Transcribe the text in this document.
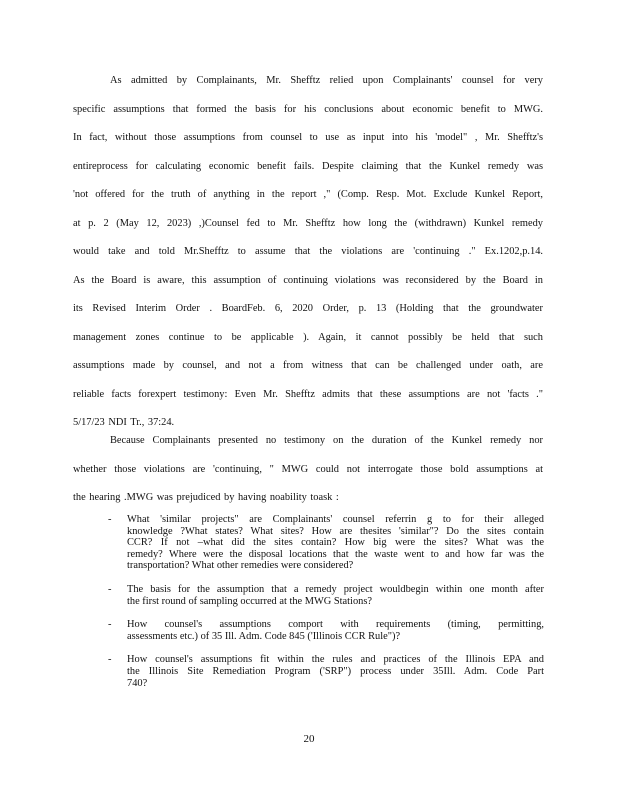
As admitted by Complainants, Mr. Shefftz relied upon Complainants' counsel for very
specific assumptions that formed the basis for his conclusions about economic benefit to MWG.
In fact, without those assumptions from counsel to use as input into his 'model" , Mr. Shefftz's
entireprocess for calculating economic benefit fails. Despite claiming that the Kunkel remedy was
'not offered for the truth of anything in the report ," (Comp. Resp. Mot. Exclude Kunkel Report,
at p. 2 (May 12, 2023) ,)Counsel fed to Mr. Shefftz how long the (withdrawn) Kunkel remedy
would take and told Mr.Shefftz to assume that the violations are 'continuing ." Ex.1202,p.14.
As the Board is aware, this assumption of continuing violations was reconsidered by the Board in
its Revised Interim Order . BoardFeb. 6, 2020 Order, p. 13 (Holding that the groundwater
management zones continue to be applicable ). Again, it cannot possibly be held that such
assumptions made by counsel, and not a from witness that can be challenged under oath, are
reliable facts forexpert testimony: Even Mr. Shefftz admits that these assumptions are not 'facts ."
5/17/23 NDI Tr., 37:24.
Because Complainants presented no testimony on the duration of the Kunkel remedy nor
whether those violations are 'continuing, " MWG could not interrogate those bold assumptions at
the hearing .MWG was prejudiced by having noability toask :
- What 'similar projects" are Complainants' counsel referrin g to for their alleged
knowledge ?What states? What sites? How are thesites 'similar"? Do the sites contain
CCR? If not –what did the sites contain? How big were the sites? What was the
remedy? Where were the disposal locations that the waste went to and how far was the
transportation? What other remedies were considered?
- The basis for the assumption that a remedy project wouldbegin within one month after
the first round of sampling occurred at the MWG Stations?
- How counsel's assumptions comport with requirements (timing, permitting,
assessments etc.) of 35 Ill. Adm. Code 845 ('Illinois CCR Rule")?
- How counsel's assumptions fit within the rules and practices of the Illinois EPA and
the Illinois Site Remediation Program ('SRP") process under 35Ill. Adm. Code Part
740?
20
